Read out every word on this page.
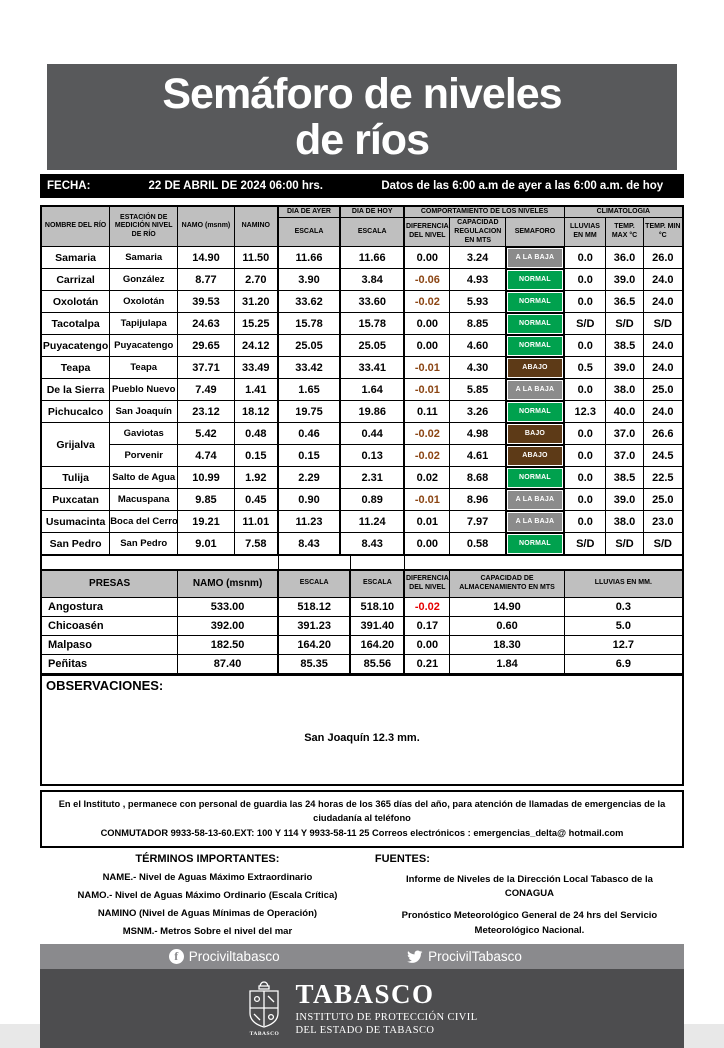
Semáforo de niveles
de ríos
FECHA:	22 DE ABRIL DE 2024 06:00 hrs.	Datos de las 6:00 a.m de ayer a las 6:00 a.m. de hoy
NOMBRE DEL RÍO	ESTACIÓN DE MEDICIÓN NIVEL DE RÍO	NAMO (msnm)	NAMINO	DIA DE AYER	DIA DE HOY	COMPORTAMIENTO DE LOS NIVELES			CLIMATOLOGIA		
				ESCALA	ESCALA	DIFERENCIA DEL NIVEL	CAPACIDAD REGULACION EN MTS	SEMAFORO	LLUVIAS EN MM	TEMP. MAX °C	TEMP. MIN °C
Samaria	Samaria	14.90	11.50	11.66	11.66	0.00	3.24	A LA BAJA	0.0	36.0	26.0
Carrizal	González	8.77	2.70	3.90	3.84	-0.06	4.93	NORMAL	0.0	39.0	24.0
Oxolotán	Oxolotán	39.53	31.20	33.62	33.60	-0.02	5.93	NORMAL	0.0	36.5	24.0
Tacotalpa	Tapijulapa	24.63	15.25	15.78	15.78	0.00	8.85	NORMAL	S/D	S/D	S/D
Puyacatengo	Puyacatengo	29.65	24.12	25.05	25.05	0.00	4.60	NORMAL	0.0	38.5	24.0
Teapa	Teapa	37.71	33.49	33.42	33.41	-0.01	4.30	ABAJO	0.5	39.0	24.0
De la Sierra	Pueblo Nuevo	7.49	1.41	1.65	1.64	-0.01	5.85	A LA BAJA	0.0	38.0	25.0
Pichucalco	San Joaquín	23.12	18.12	19.75	19.86	0.11	3.26	NORMAL	12.3	40.0	24.0
Grijalva	Gaviotas	5.42	0.48	0.46	0.44	-0.02	4.98	BAJO	0.0	37.0	26.6
	Porvenir	4.74	0.15	0.15	0.13	-0.02	4.61	ABAJO	0.0	37.0	24.5
Tulija	Salto de Agua	10.99	1.92	2.29	2.31	0.02	8.68	NORMAL	0.0	38.5	22.5
Puxcatan	Macuspana	9.85	0.45	0.90	0.89	-0.01	8.96	A LA BAJA	0.0	39.0	25.0
Usumacinta	Boca del Cerro	19.21	11.01	11.23	11.24	0.01	7.97	A LA BAJA	0.0	38.0	23.0
San Pedro	San Pedro	9.01	7.58	8.43	8.43	0.00	0.58	NORMAL	S/D	S/D	S/D
PRESAS	NAMO (msnm)	ESCALA	ESCALA	DIFERENCIA DEL NIVEL	CAPACIDAD DE ALMACENAMIENTO EN MTS	LLUVIAS EN MM.
Angostura	533.00	518.12	518.10	-0.02	14.90	0.3
Chicoasén	392.00	391.23	391.40	0.17	0.60	5.0
Malpaso	182.50	164.20	164.20	0.00	18.30	12.7
Peñitas	87.40	85.35	85.56	0.21	1.84	6.9
OBSERVACIONES:
San Joaquín 12.3 mm.
En el Instituto , permanece con personal de guardia las 24 horas de los 365 días del año, para atención de llamadas de emergencias de la ciudadanía al teléfono
CONMUTADOR 9933-58-13-60.EXT: 100 Y 114 Y 9933-58-11 25 Correos electrónicos : emergencias_delta@ hotmail.com
TÉRMINOS IMPORTANTES:
NAME.- Nivel de Aguas Máximo Extraordinario
NAMO.- Nivel de Aguas Máximo Ordinario (Escala Crítica)
NAMINO (Nivel de Aguas Mínimas de Operación)
MSNM.- Metros Sobre el nivel del mar
FUENTES:
Informe de Niveles de la Dirección Local Tabasco de la
CONAGUA
Pronóstico Meteorológico General de 24 hrs del Servicio
Meteorológico Nacional.
f Prociviltabasco	ProcivilTabasco
TABASCO
TABASCO
INSTITUTO DE PROTECCIÓN CIVIL
DEL ESTADO DE TABASCO
